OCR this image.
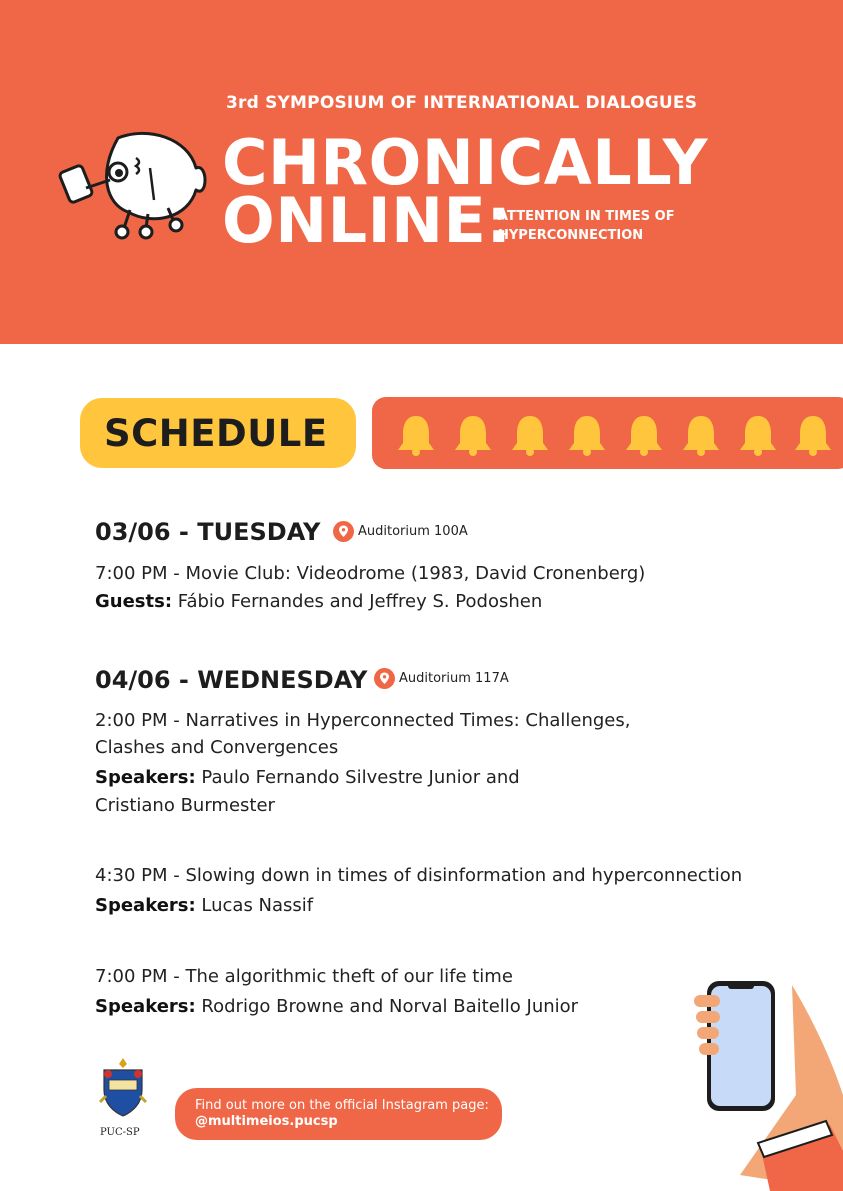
3rd SYMPOSIUM OF INTERNATIONAL DIALOGUES
CHRONICALLY
ONLINE:
ATTENTION IN TIMES OF
HYPERCONNECTION
SCHEDULE
03/06 - TUESDAY	Auditorium 100A
7:00 PM - Movie Club: Videodrome (1983, David Cronenberg)
Guests: Fábio Fernandes and Jeffrey S. Podoshen
04/06 - WEDNESDAY Auditorium 117A
2:00 PM - Narratives in Hyperconnected Times: Challenges,
Clashes and Convergences
Speakers: Paulo Fernando Silvestre Junior and
Cristiano Burmester
4:30 PM - Slowing down in times of disinformation and hyperconnection
Speakers: Lucas Nassif
7:00 PM - The algorithmic theft of our life time
Speakers: Rodrigo Browne and Norval Baitello Junior
PUC-SP
Find out more on the official Instagram page:
@multimeios.pucsp
